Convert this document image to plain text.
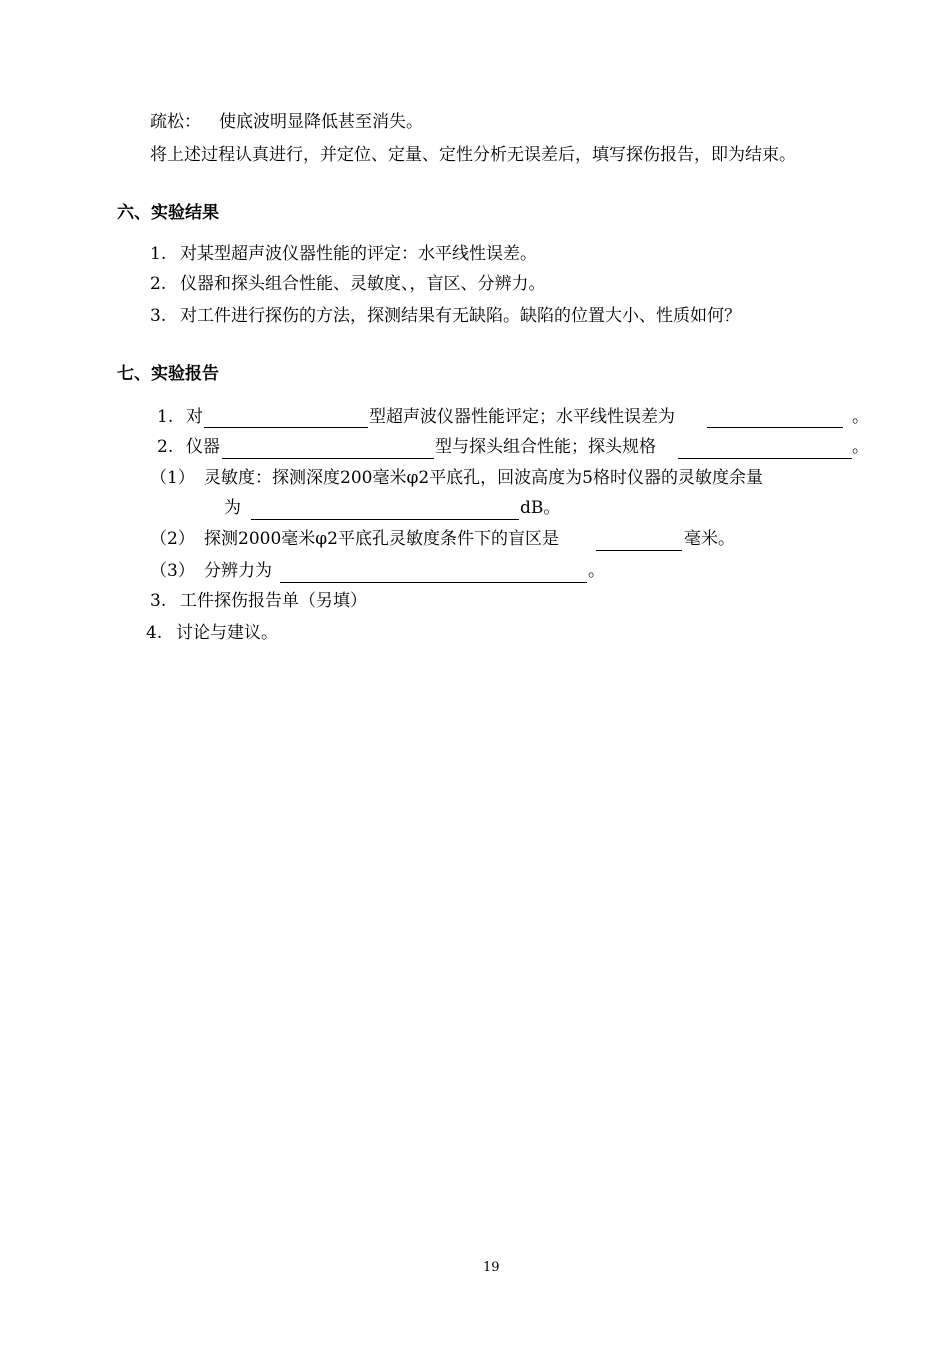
疏松： 使底波明显降低甚至消失。
将上述过程认真进行，并定位、定量、定性分析无误差后，填写探伤报告，即为结束。
六、实验结果
1. 对某型超声波仪器性能的评定：水平线性误差。
2. 仪器和探头组合性能、灵敏度、，盲区、分辨力。
3. 对工件进行探伤的方法，探测结果有无缺陷。缺陷的位置大小、性质如何？
七、实验报告
1. 对	型超声波仪器性能评定；水平线性误差为	。
2. 仪器	型与探头组合性能；探头规格	。
（1） 灵敏度：探测深度200毫米φ2平底孔，回波高度为5格时仪器的灵敏度余量
为	dB。
（2） 探测2000毫米φ2平底孔灵敏度条件下的盲区是	毫米。
（3） 分辨力为	。
3. 工件探伤报告单（另填）
4. 讨论与建议。
19
